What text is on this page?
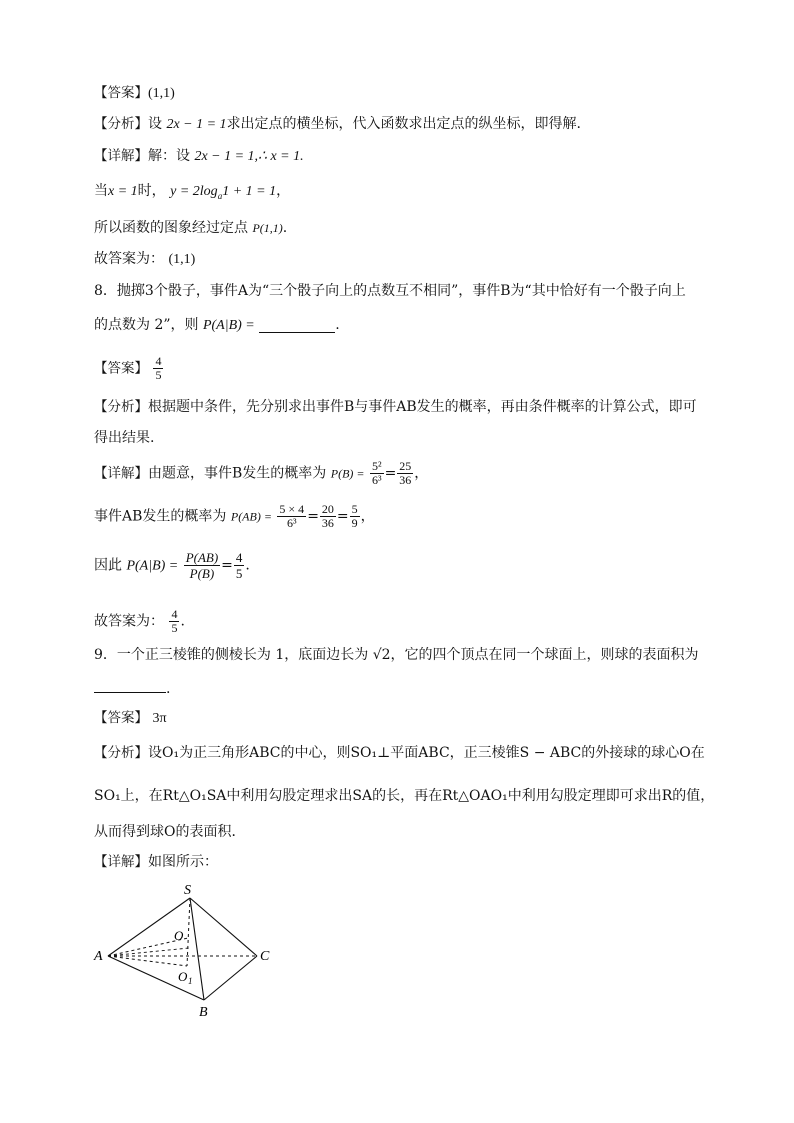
【答案】(1,1)
【分析】设 2x − 1 = 1求出定点的横坐标，代入函数求出定点的纵坐标，即得解.
【详解】解：设 2x − 1 = 1,∴ x = 1.
当x = 1时， $y = 2\log_a1 + 1 = 1$，
所以函数的图象经过定点 P(1,1).
故答案为： (1,1)
8．抛掷3个骰子，事件A为“三个骰子向上的点数互不相同”，事件B为“其中恰好有一个骰子向上
的点数为 2”，则 P(A|B) =	.
【答案】 $\frac{4}{5}$
【分析】根据题中条件，先分别求出事件B与事件AB发生的概率，再由条件概率的计算公式，即可
得出结果.
【详解】由题意，事件B发生的概率为 $P(B) = \frac{\text{5²}}{\text{6³}} = \frac{25}{36}$ ，
事件AB发生的概率为 $P(AB) = \frac{5 \times 4}{\text{6³}} = \frac{20}{36} = \frac{5}{9}$ ，
因此 $P(A|B) = \frac{P(AB)}{P(B)} = \frac{4}{5}$ .
故答案为： $\frac{4}{5}$ .
9．一个正三棱锥的侧棱长为 1，底面边长为 √2，它的四个顶点在同一个球面上，则球的表面积为
.
【答案】 3π
【分析】设O₁为正三角形ABC的中心，则SO₁⊥平面ABC，正三棱锥S − ABC的外接球的球心O在
SO₁上，在Rt△O₁SA中利用勾股定理求出SA的长，再在Rt△OAO₁中利用勾股定理即可求出R的值，
从而得到球O的表面积．
【详解】如图所示：
S
A
B
C
O
O 1
